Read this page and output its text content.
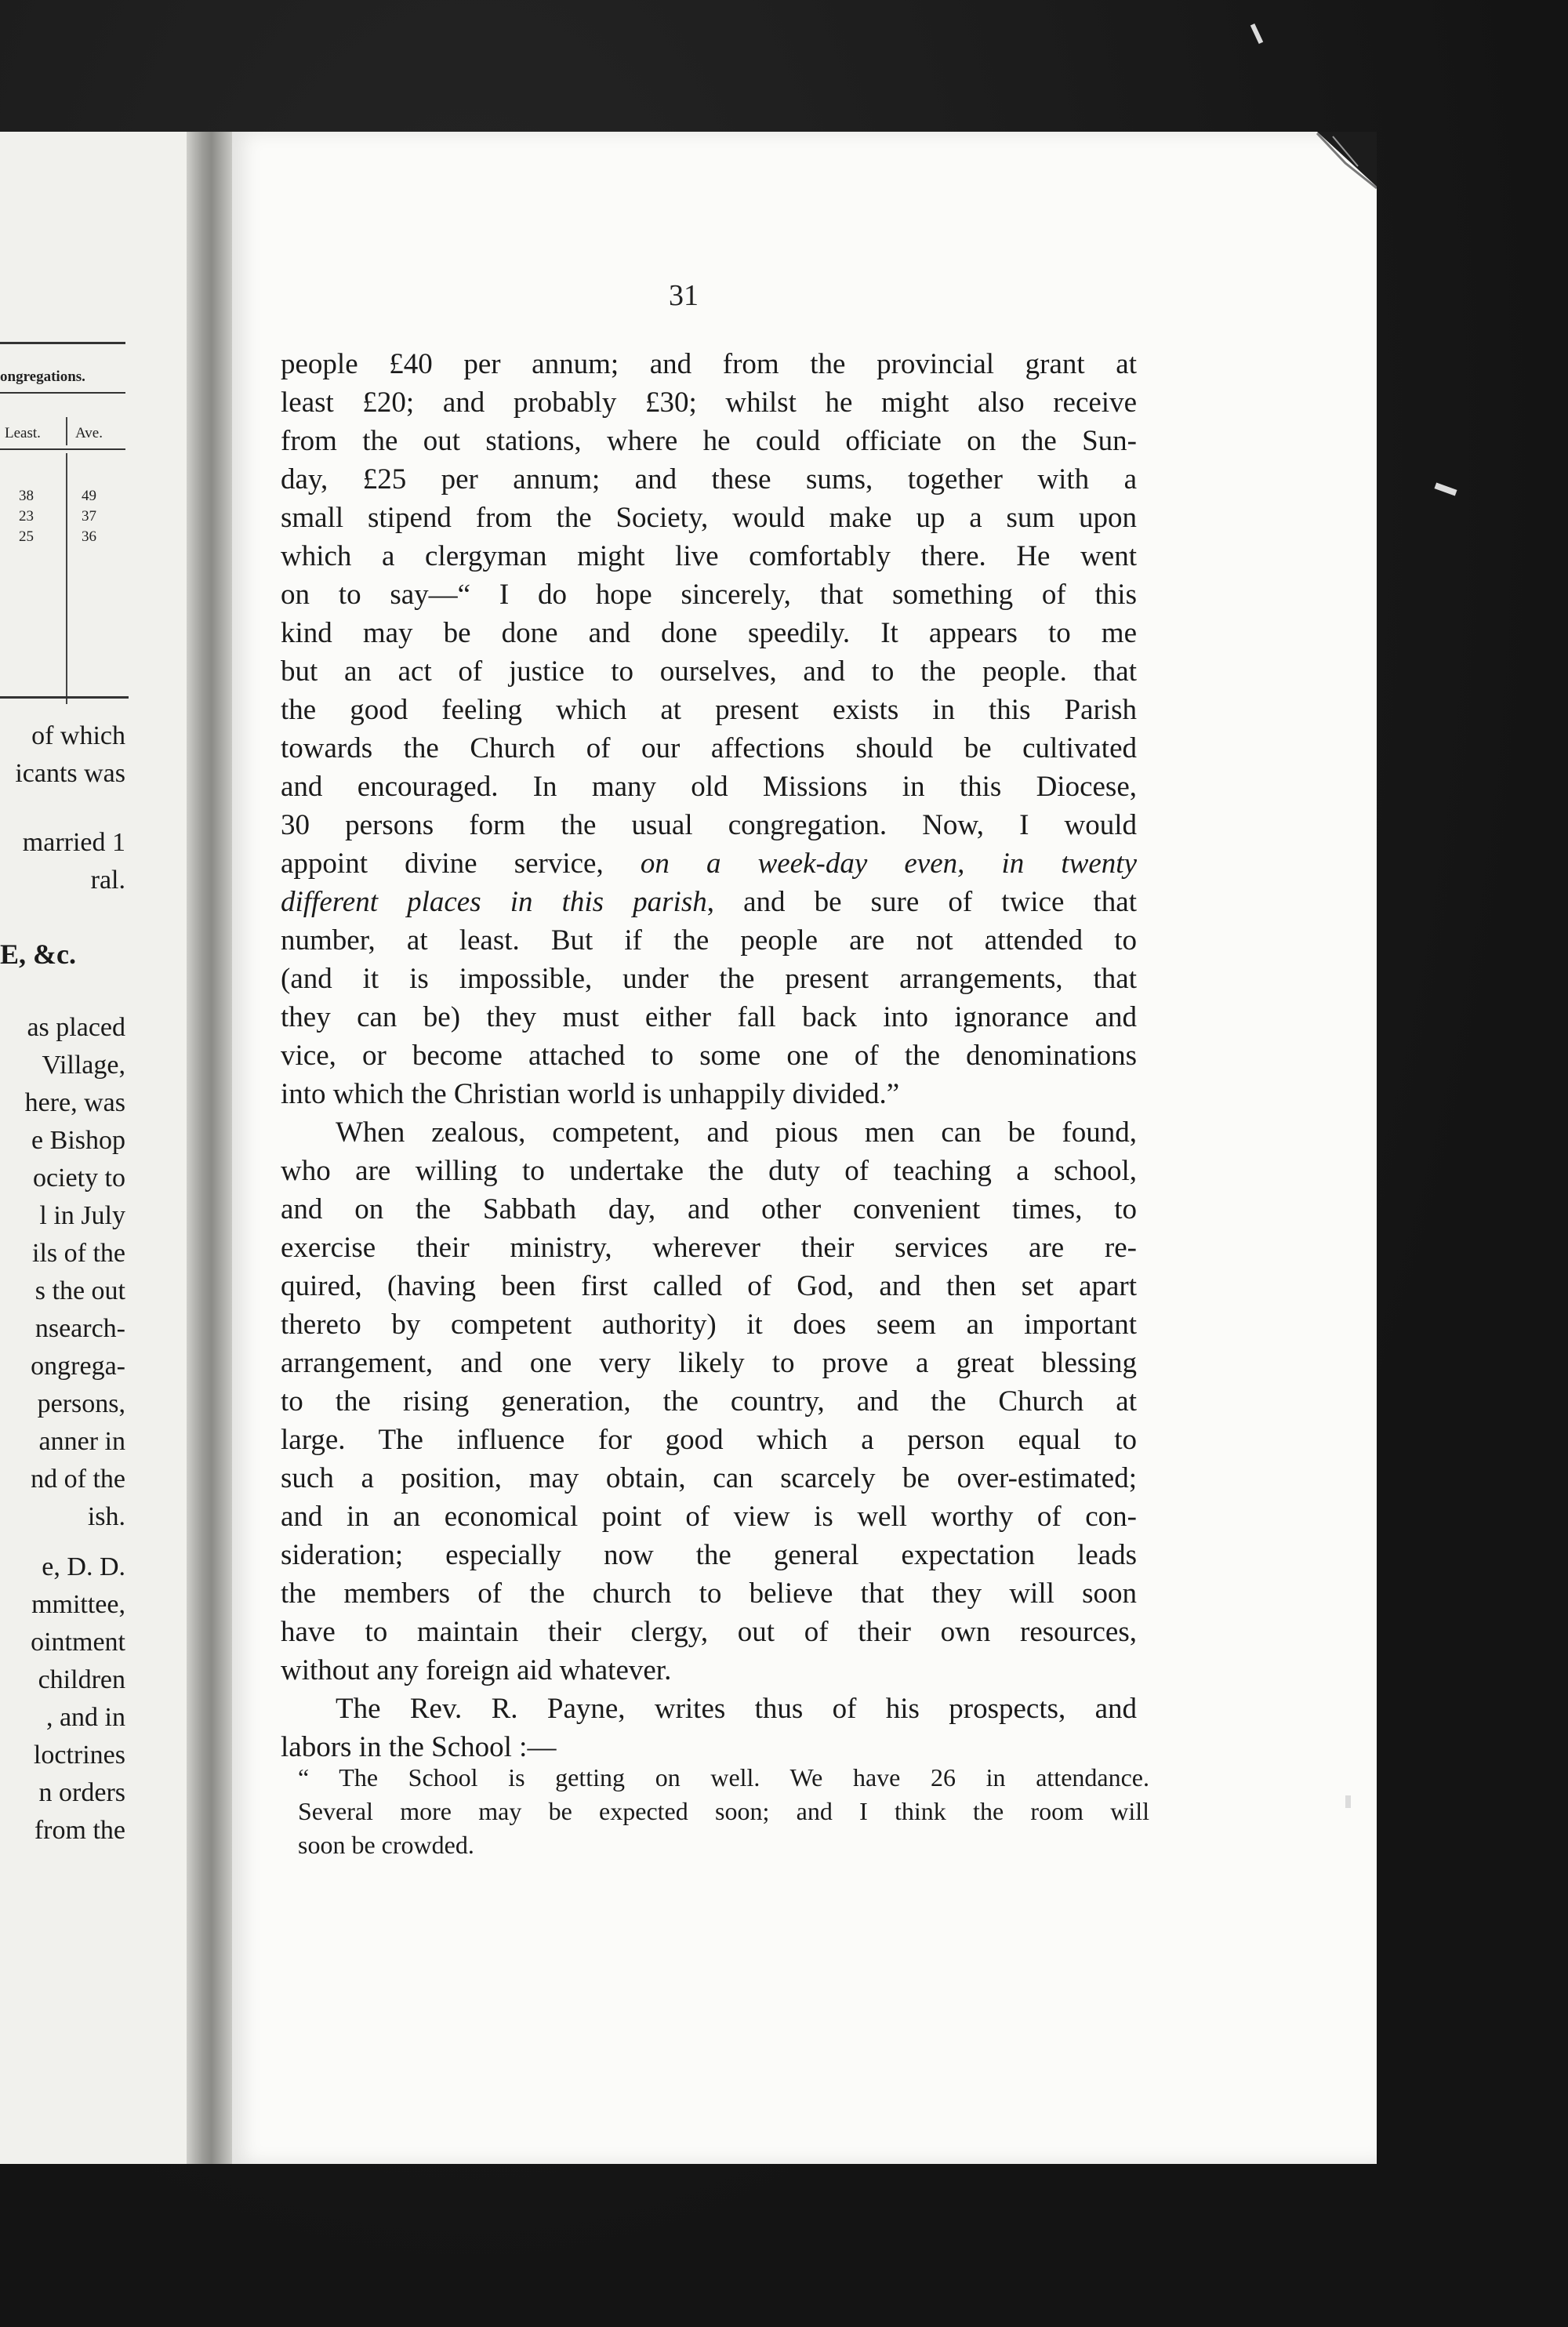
ongregations.
Least. Ave.
38
23
25
49
37
36
of which
icants was
married 1
ral.
E, &c.
as placed
Village,
here, was
e Bishop
ociety to
l in July
ils of the
s the out
nsearch-
ongrega-
persons,
anner in
nd of the
ish.
e, D. D.
mmittee,
ointment
children
, and in
loctrines
n orders
from the
31
people £40 per annum; and from the provincial grant at
least £20; and probably £30; whilst he might also receive
from the out stations, where he could officiate on the Sun-
day, £25 per annum; and these sums, together with a
small stipend from the Society, would make up a sum upon
which a clergyman might live comfortably there. He went
on to say—“ I do hope sincerely, that something of this
kind may be done and done speedily. It appears to me
but an act of justice to ourselves, and to the people. that
the good feeling which at present exists in this Parish
towards the Church of our affections should be cultivated
and encouraged. In many old Missions in this Diocese,
30 persons form the usual congregation. Now, I would
appoint divine service, on a week-day even, in twenty
different places in this parish, and be sure of twice that
number, at least. But if the people are not attended to
(and it is impossible, under the present arrangements, that
they can be) they must either fall back into ignorance and
vice, or become attached to some one of the denominations
into which the Christian world is unhappily divided.”
When zealous, competent, and pious men can be found,
who are willing to undertake the duty of teaching a school,
and on the Sabbath day, and other convenient times, to
exercise their ministry, wherever their services are re-
quired, (having been first called of God, and then set apart
thereto by competent authority) it does seem an important
arrangement, and one very likely to prove a great blessing
to the rising generation, the country, and the Church at
large. The influence for good which a person equal to
such a position, may obtain, can scarcely be over-estimated;
and in an economical point of view is well worthy of con-
sideration; especially now the general expectation leads
the members of the church to believe that they will soon
have to maintain their clergy, out of their own resources,
without any foreign aid whatever.
The Rev. R. Payne, writes thus of his prospects, and
labors in the School :—
“ The School is getting on well. We have 26 in attendance.
Several more may be expected soon; and I think the room will
soon be crowded.
